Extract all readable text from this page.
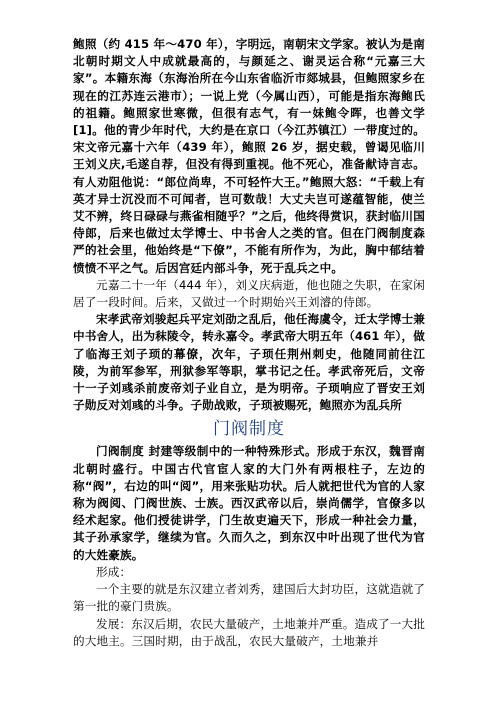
鲍照（约 415 年～470 年），字明远，南朝宋文学家。被认为是南北朝时期文人中成就最高的，与颜延之、谢灵运合称“元嘉三大家”。本籍东海（东海治所在今山东省临沂市郯城县，但鲍照家乡在现在的江苏连云港市）；一说上党（今属山西），可能是指东海鲍氏的祖籍。鲍照家世寒微，但很有志气，有一妹鲍令晖，也善文学[1]。他的青少年时代，大约是在京口（今江苏镇江）一带度过的。宋文帝元嘉十六年（439 年），鲍照 26 岁，据史载，曾谒见临川王刘义庆,毛遂自荐，但没有得到重视。他不死心，准备献诗言志。有人劝阻他说：“郎位尚卑，不可轻忤大王。”鲍照大怒：“千载上有英才异士沉没而不可闻者，岂可数哉！大丈夫岂可遂蕴智能，使兰艾不辨，终日碌碌与燕雀相随乎？”之后，他终得赏识，获封临川国侍郎，后来也做过太学博士、中书舍人之类的官。但在门阀制度森严的社会里，他始终是“下僚”，不能有所作为，为此，胸中郁结着愤愤不平之气。后因宫廷内部斗争，死于乱兵之中。

元嘉二十一年（444 年），刘义庆病逝，他也随之失职，在家闲居了一段时间。后来，又做过一个时期始兴王刘濬的侍郎。

宋孝武帝刘骏起兵平定刘劭之乱后，他任海虞令，迁太学博士兼中书舍人，出为秣陵令，转永嘉令。孝武帝大明五年（461 年），做了临海王刘子顼的幕僚，次年，子顼任荆州刺史，他随同前往江陵，为前军参军，刑狱参军等职，掌书记之任。孝武帝死后，文帝十一子刘彧杀前废帝刘子业自立，是为明帝。子顼响应了晋安王刘子勋反对刘彧的斗争。子勋战败，子顼被赐死，鲍照亦为乱兵所

门阀制度

门阀制度 封建等级制中的一种特殊形式。形成于东汉，魏晋南北朝时盛行。中国古代官宦人家的大门外有两根柱子，左边的称“阀”，右边的叫“阅”，用来张贴功状。后人就把世代为官的人家称为阀阅、门阀世族、士族。西汉武帝以后，崇尚儒学，官僚多以经术起家。他们授徒讲学，门生故吏遍天下，形成一种社会力量，其子孙承家学，继续为官。久而久之，到东汉中叶出现了世代为官的大姓豪族。

形成：

一个主要的就是东汉建立者刘秀，建国后大封功臣，这就造就了第一批的豪门贵族。

发展：东汉后期，农民大量破产，土地兼并严重。造成了一大批的大地主。三国时期，由于战乱，农民大量破产，土地兼并
